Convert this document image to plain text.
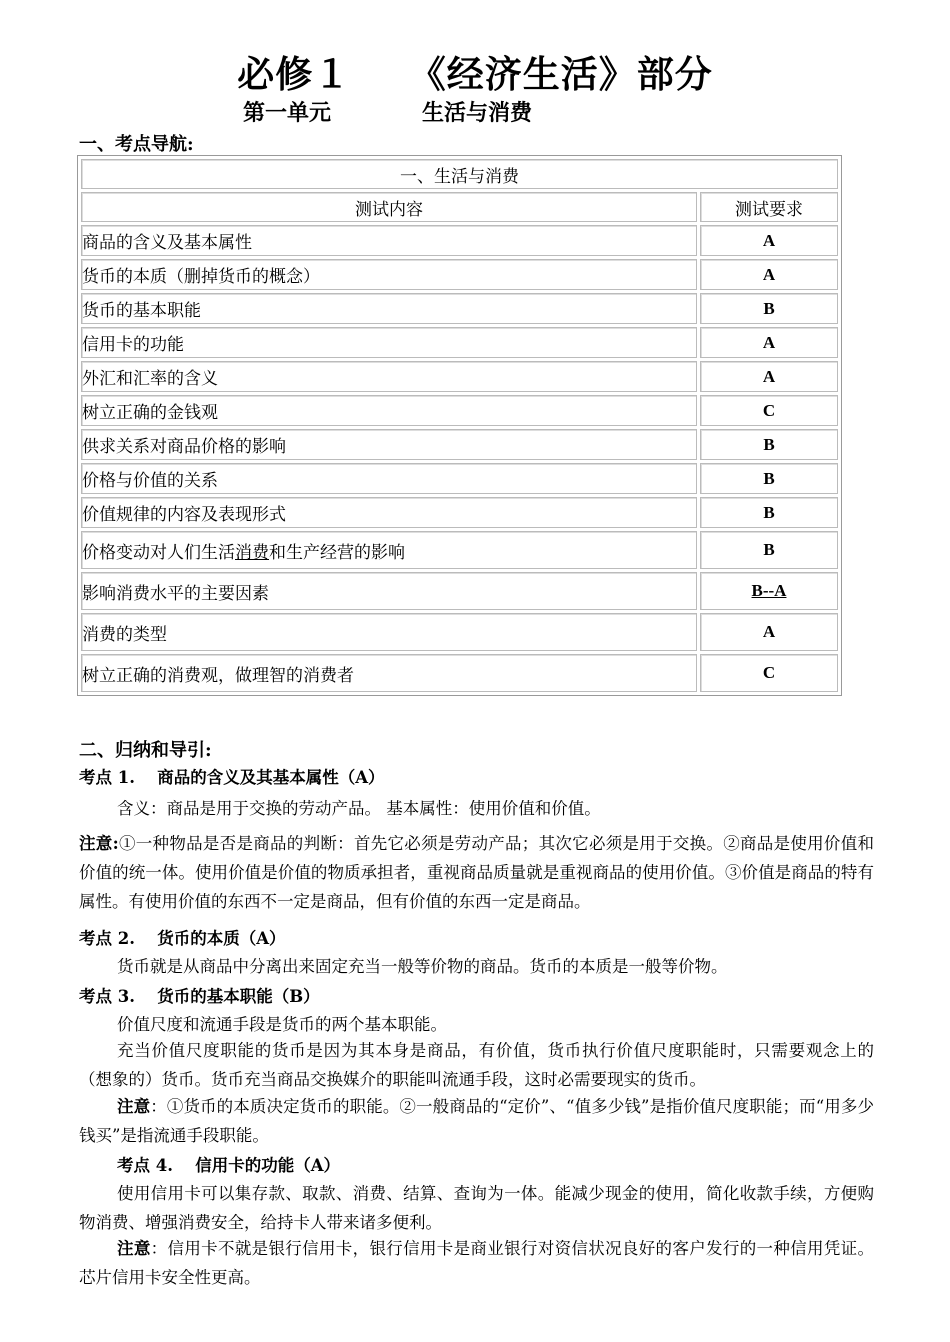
必修１　　《经济生活》部分
第一单元	生活与消费
一、考点导航:
一、生活与消费	
测试内容	测试要求
商品的含义及基本属性	A
货币的本质（删掉货币的概念）	A
货币的基本职能	B
信用卡的功能	A
外汇和汇率的含义	A
树立正确的金钱观	C
供求关系对商品价格的影响	B
价格与价值的关系	B
价值规律的内容及表现形式	B
价格变动对人们生活消费和生产经营的影响	B
影响消费水平的主要因素	B--A
消费的类型	A
树立正确的消费观，做理智的消费者	C
二、归纳和导引:
考点 1.　 商品的含义及其基本属性（A）
含义：商品是用于交换的劳动产品。 基本属性：使用价值和价值。
注意:①一种物品是否是商品的判断：首先它必须是劳动产品；其次它必须是用于交换。②商品是使用价值和价值的统一体。使用价值是价值的物质承担者，重视商品质量就是重视商品的使用价值。③价值是商品的特有属性。有使用价值的东西不一定是商品，但有价值的东西一定是商品。
考点 2.　 货币的本质（A）
货币就是从商品中分离出来固定充当一般等价物的商品。货币的本质是一般等价物。
考点 3.　 货币的基本职能（B）
价值尺度和流通手段是货币的两个基本职能。
充当价值尺度职能的货币是因为其本身是商品，有价值，货币执行价值尺度职能时，只需要观念上的（想象的）货币。货币充当商品交换媒介的职能叫流通手段，这时必需要现实的货币。
注意：①货币的本质决定货币的职能。②一般商品的“定价”、“值多少钱”是指价值尺度职能；而“用多少钱买”是指流通手段职能。
考点 4.　 信用卡的功能（A）
使用信用卡可以集存款、取款、消费、结算、查询为一体。能减少现金的使用，简化收款手续，方便购物消费、增强消费安全，给持卡人带来诸多便利。
注意：信用卡不就是银行信用卡，银行信用卡是商业银行对资信状况良好的客户发行的一种信用凭证。芯片信用卡安全性更高。
